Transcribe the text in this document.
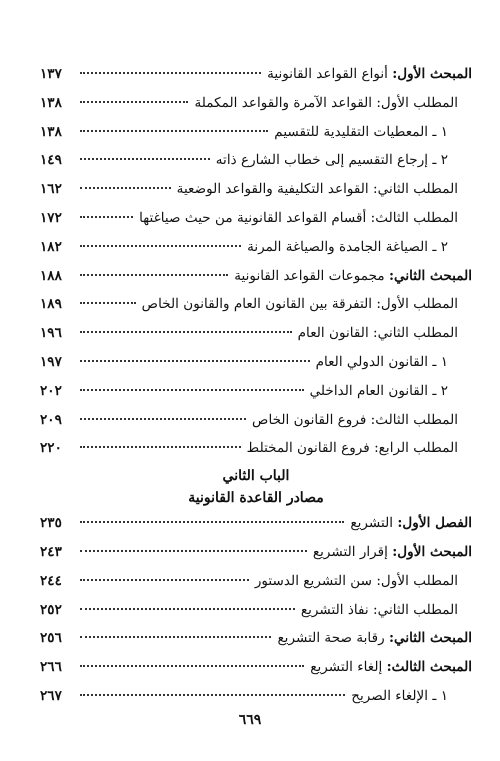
المبحث الأول:

أنواع القواعد القانونية
١٣٧
المطلب الأول: القواعد الآمرة والقواعد المكملة
١٣٨
١ ـ المعطيات التقليدية للتقسيم
١٣٨
٢ ـ إرجاع التقسيم إلى خطاب الشارع ذاته
١٤٩
المطلب الثاني: القواعد التكليفية والقواعد الوضعية
١٦٢
المطلب الثالث: أقسام القواعد القانونية من حيث صياغتها
١٧٢
٢ ـ الصياغة الجامدة والصياغة المرنة
١٨٢
المبحث الثاني:

مجموعات القواعد القانونية
١٨٨
المطلب الأول: التفرقة بين القانون العام والقانون الخاص
١٨٩
المطلب الثاني: القانون العام
١٩٦
١ ـ القانون الدولي العام
١٩٧
٢ ـ القانون العام الداخلي
٢٠٢
المطلب الثالث: فروع القانون الخاص
٢٠٩
المطلب الرابع: فروع القانون المختلط
٢٢٠
الباب الثاني
مصادر القاعدة القانونية
الفصل الأول:

التشريع
٢٣٥
المبحث الأول:

إقرار التشريع
٢٤٣
المطلب الأول: سن التشريع الدستور
٢٤٤
المطلب الثاني: نفاذ التشريع
٢٥٢
المبحث الثاني:

رقابة صحة التشريع
٢٥٦
المبحث الثالث:

إلغاء التشريع
٢٦٦
١ ـ الإلغاء الصريح
٢٦٧
٦٦٩
